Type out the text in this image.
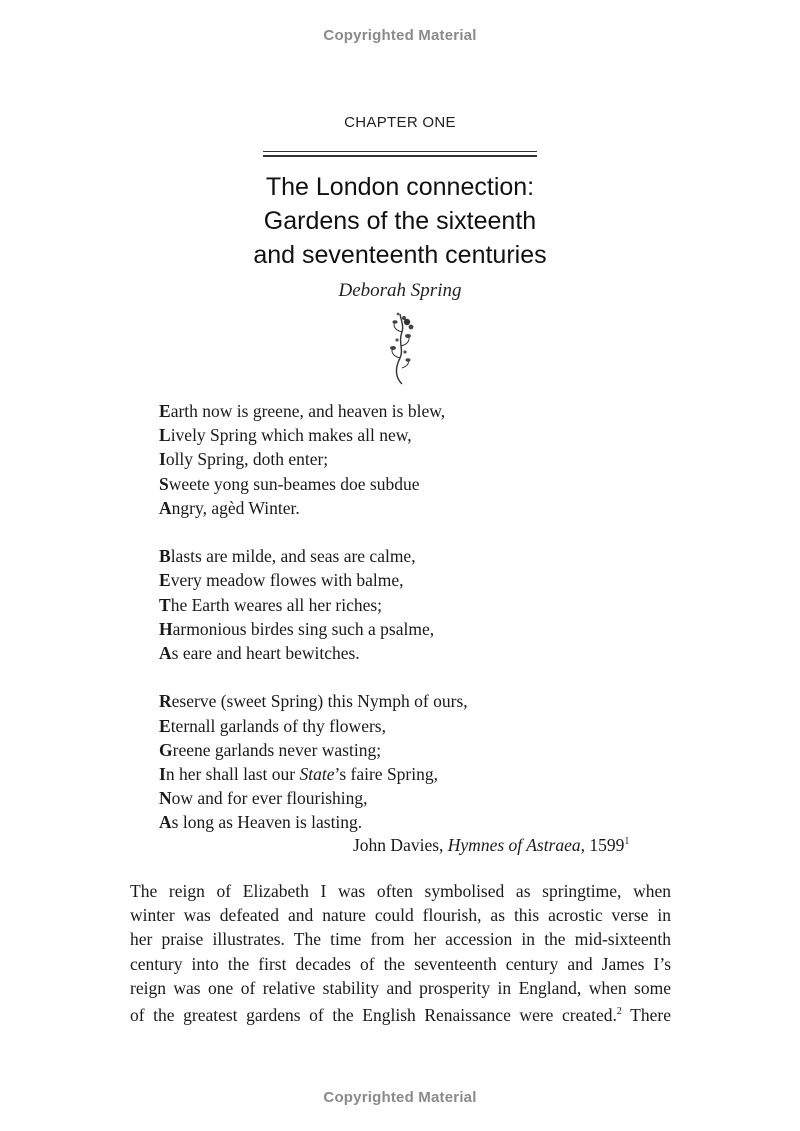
Copyrighted Material
CHAPTER ONE
The London connection:
Gardens of the sixteenth
and seventeenth centuries
Deborah Spring
Earth now is greene, and heaven is blew,
Lively Spring which makes all new,
Iolly Spring, doth enter;
Sweete yong sun-beames doe subdue
Angry, agèd Winter.
Blasts are milde, and seas are calme,
Every meadow flowes with balme,
The Earth weares all her riches;
Harmonious birdes sing such a psalme,
As eare and heart bewitches.
Reserve (sweet Spring) this Nymph of ours,
Eternall garlands of thy flowers,
Greene garlands never wasting;
In her shall last our State’s faire Spring,
Now and for ever flourishing,
As long as Heaven is lasting.
John Davies, Hymnes of Astraea, 1599$^1$
The reign of Elizabeth I was often symbolised as springtime, when
winter was defeated and nature could flourish, as this acrostic verse in
her praise illustrates. The time from her accession in the mid-sixteenth
century into the first decades of the seventeenth century and James I’s
reign was one of relative stability and prosperity in England, when some
of the greatest gardens of the English Renaissance were created.$^2$ There
Copyrighted Material
